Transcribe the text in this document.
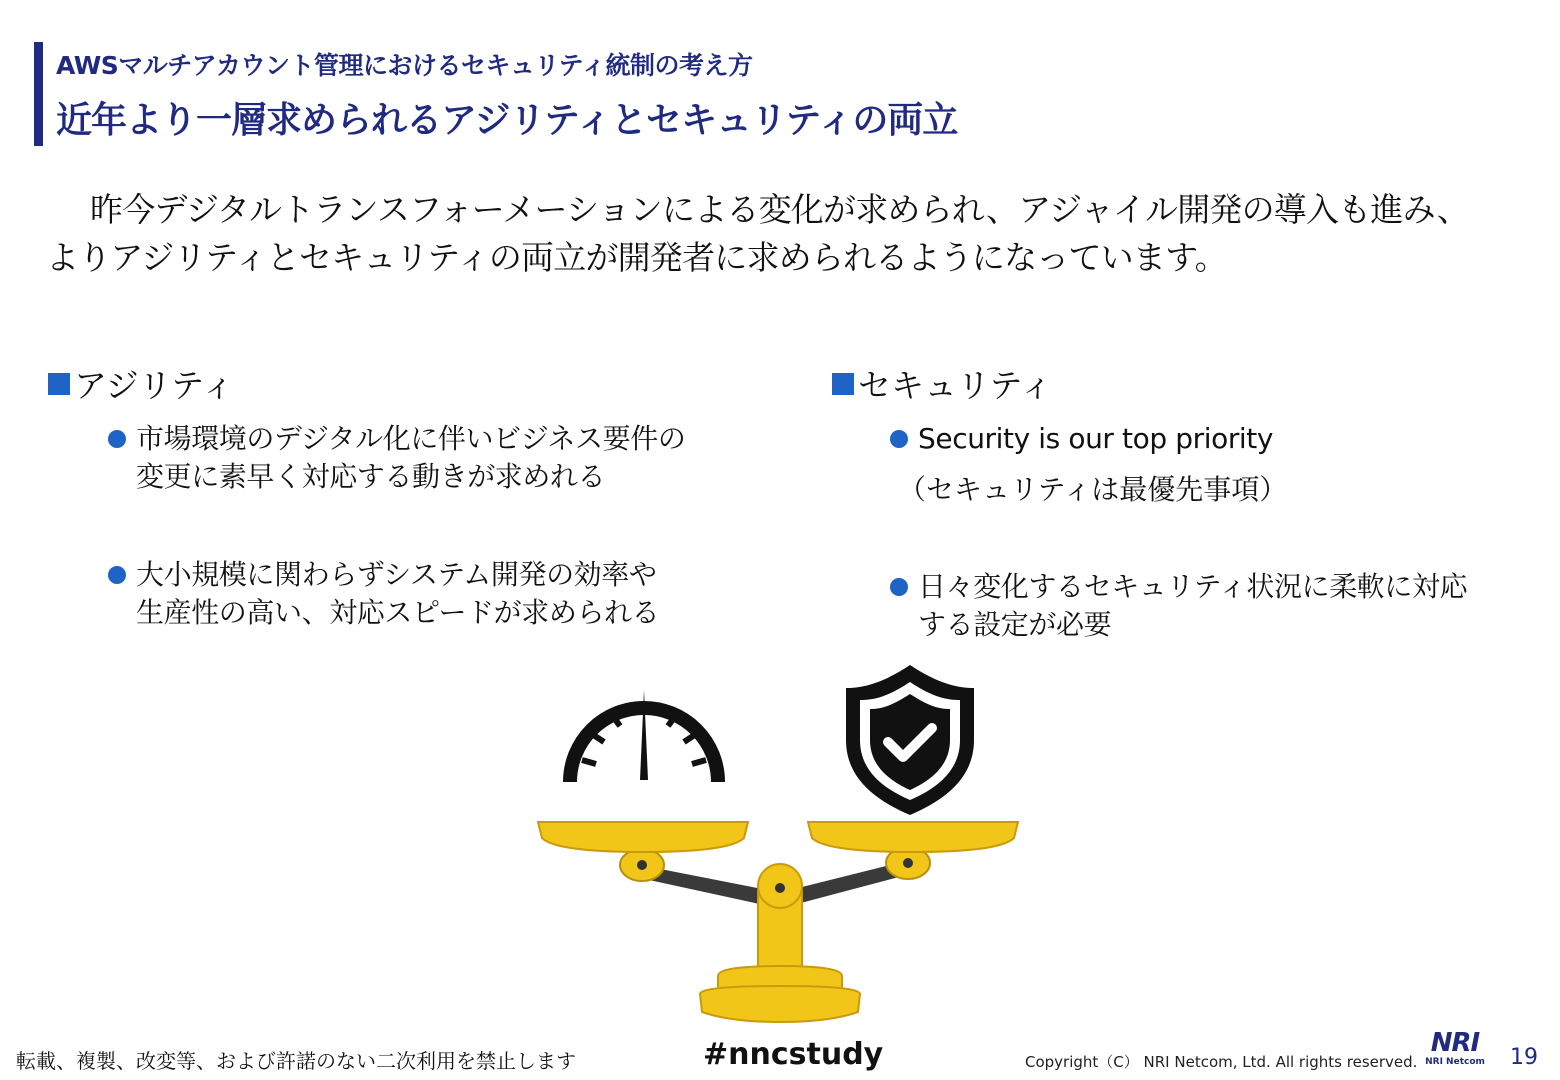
AWSマルチアカウント管理におけるセキュリティ統制の考え方
近年より一層求められるアジリティとセキュリティの両立
昨今デジタルトランスフォーメーションによる変化が求められ、アジャイル開発の導入も進み、
よりアジリティとセキュリティの両立が開発者に求められるようになっています。
アジリティ
市場環境のデジタル化に伴いビジネス要件の
変更に素早く対応する動きが求めれる
大小規模に関わらずシステム開発の効率や
生産性の高い、対応スピードが求められる
セキュリティ
Security is our top priority
（セキュリティは最優先事項）
日々変化するセキュリティ状況に柔軟に対応
する設定が必要
転載、複製、改変等、および許諾のない二次利用を禁止します	#nncstudy	Copyright（C） NRI Netcom, Ltd. All rights reserved.
NRI
NRI Netcom 19
